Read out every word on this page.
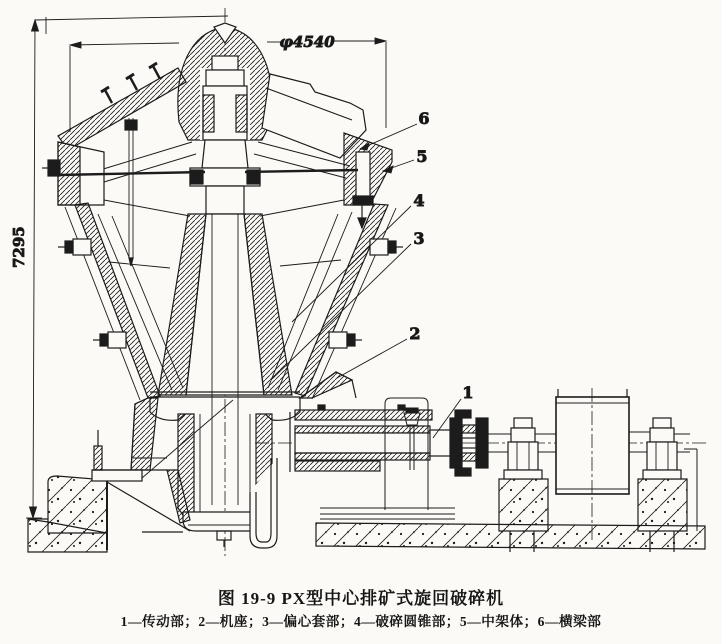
7295
φ4540
6
5
4
3
2
1
图 19-9 PX型中心排矿式旋回破碎机
1—传动部；2—机座；3—偏心套部；4—破碎圆锥部；5—中架体；6—横梁部
